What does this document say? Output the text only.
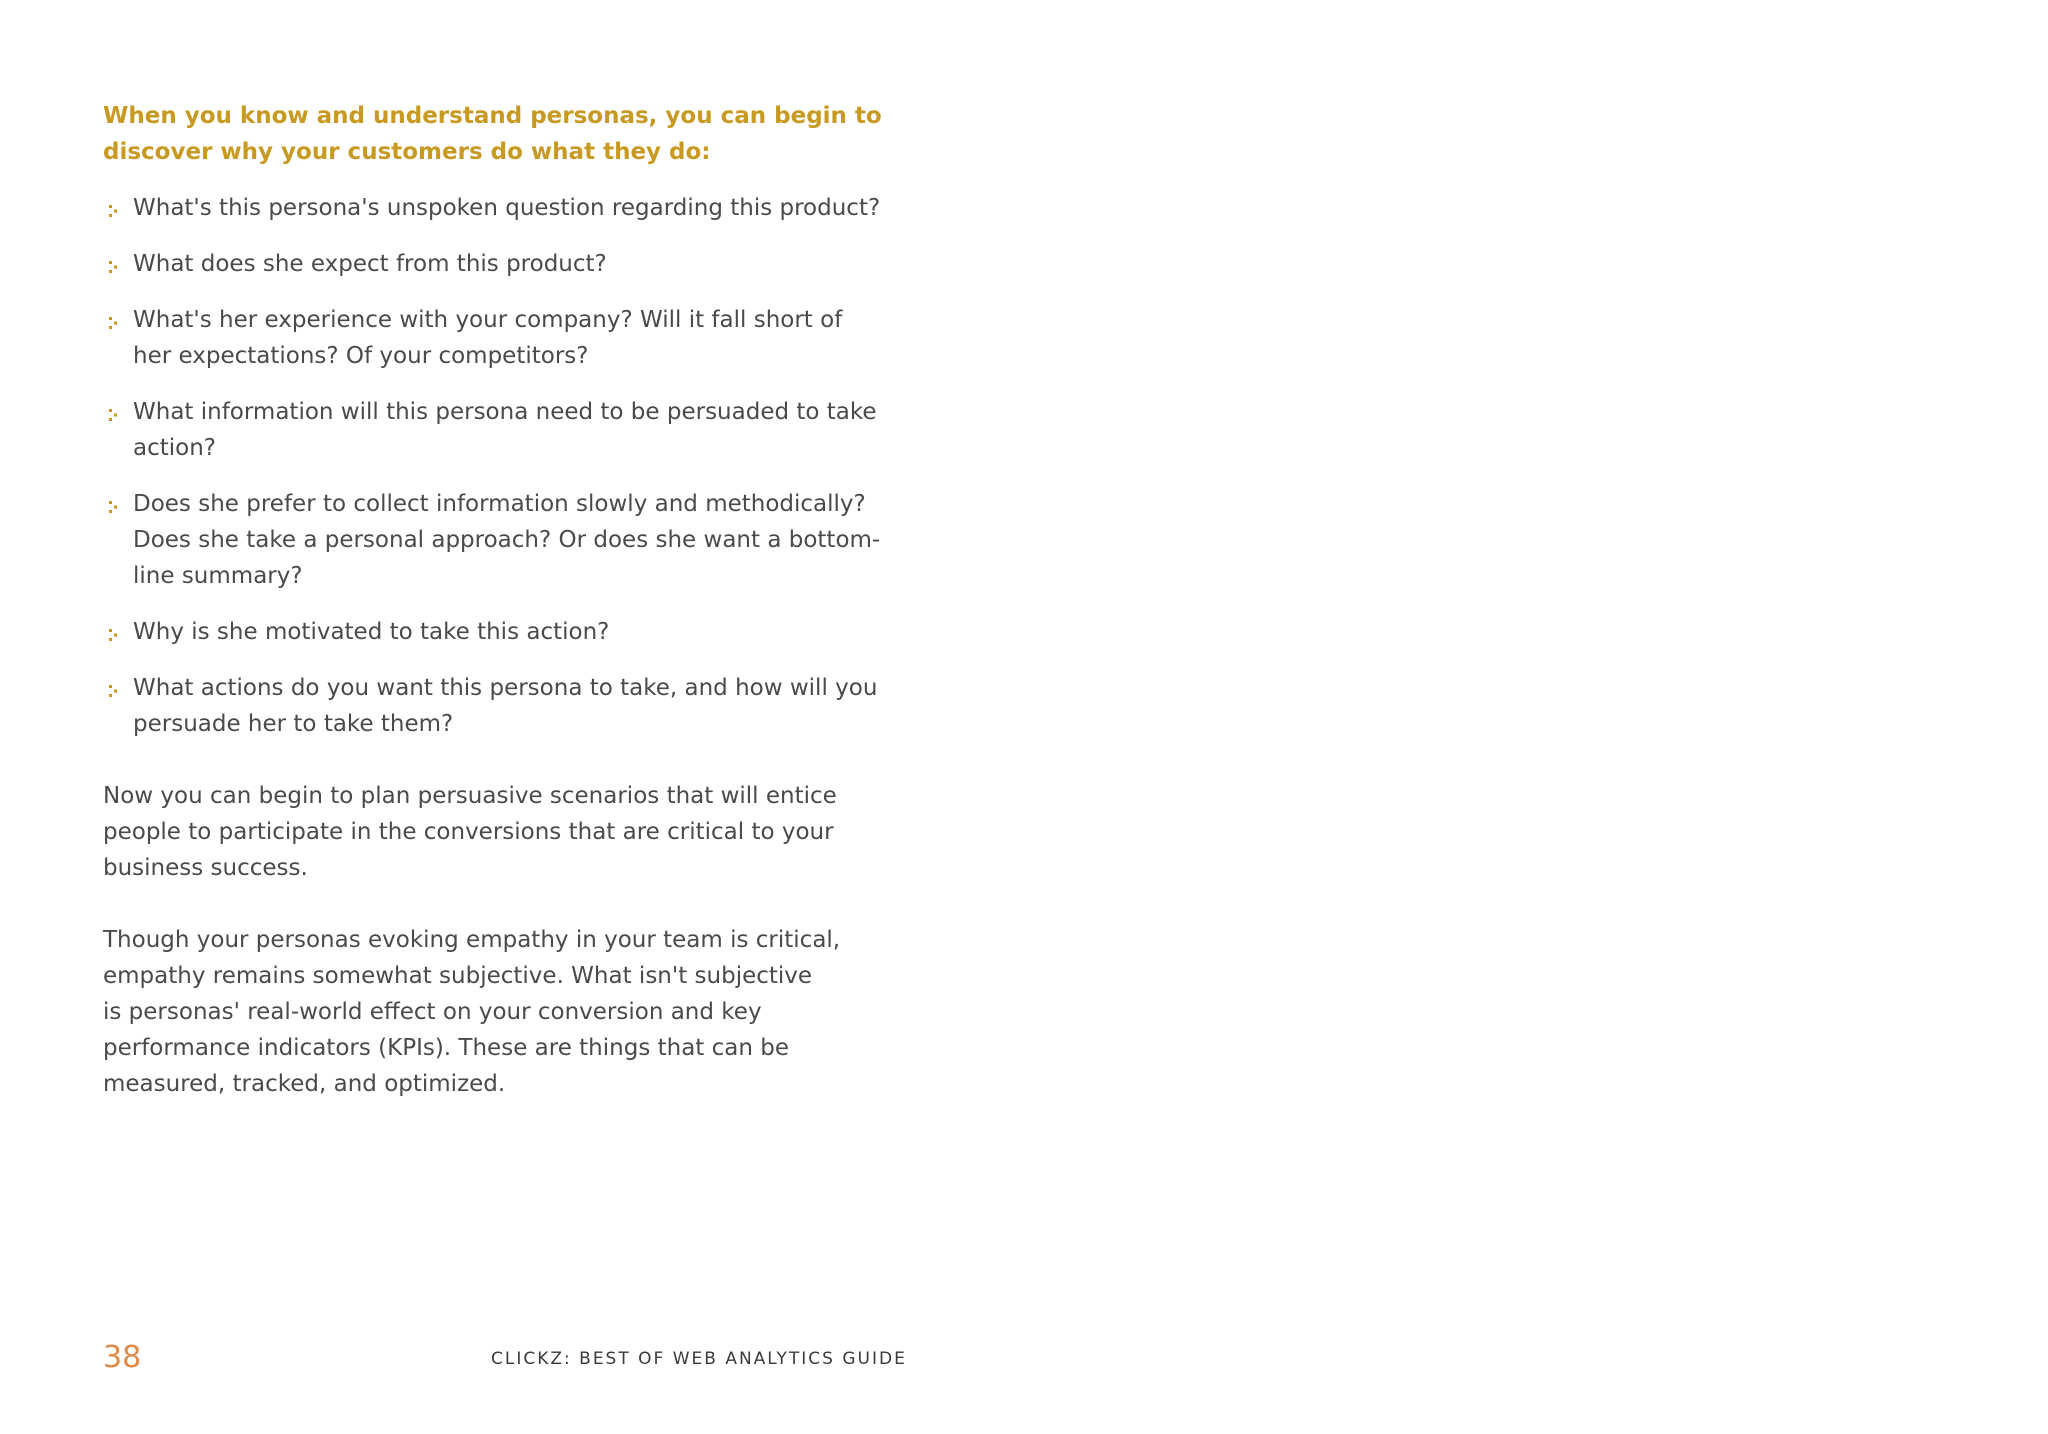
When you know and understand personas, you can begin to
discover why your customers do what they do:

What's this persona's unspoken question regarding this product?
What does she expect from this product?
What's her experience with your company? Will it fall short of
her expectations? Of your competitors?
What information will this persona need to be persuaded to take
action?
Does she prefer to collect information slowly and methodically?
Does she take a personal approach? Or does she want a bottom-
line summary?
Why is she motivated to take this action?
What actions do you want this persona to take, and how will you
persuade her to take them?

Now you can begin to plan persuasive scenarios that will entice
people to participate in the conversions that are critical to your
business success.

Though your personas evoking empathy in your team is critical,
empathy remains somewhat subjective. What isn't subjective
is personas' real-world effect on your conversion and key
performance indicators (KPIs). These are things that can be
measured, tracked, and optimized.

38	CLICKZ: BEST OF WEB ANALYTICS GUIDE
